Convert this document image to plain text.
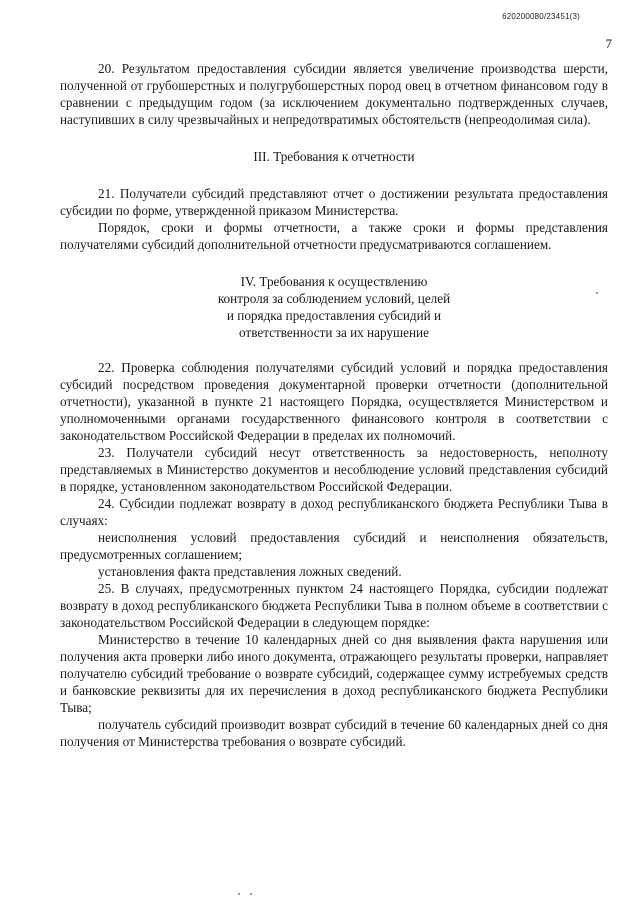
620200080/23451(3)
7

20. Результатом предоставления субсидии является увеличение производства шерсти, полученной от грубошерстных и полугрубошерстных пород овец в отчетном финансовом году в сравнении с предыдущим годом (за исключением документально подтвержденных случаев, наступивших в силу чрезвычайных и непредотвратимых обстоятельств (непреодолимая сила).

III. Требования к отчетности

21. Получатели субсидий представляют отчет о достижении результата предоставления субсидии по форме, утвержденной приказом Министерства.

Порядок, сроки и формы отчетности, а также сроки и формы представления получателями субсидий дополнительной отчетности предусматриваются соглашением.

IV. Требования к осуществлению
контроля за соблюдением условий, целей
и порядка предоставления субсидий и
ответственности за их нарушение

22. Проверка соблюдения получателями субсидий условий и порядка предоставления субсидий посредством проведения документарной проверки отчетности (дополнительной отчетности), указанной в пункте 21 настоящего Порядка, осуществляется Министерством и уполномоченными органами государственного финансового контроля в соответствии с законодательством Российской Федерации в пределах их полномочий.

23. Получатели субсидий несут ответственность за недостоверность, неполноту представляемых в Министерство документов и несоблюдение условий представления субсидий в порядке, установленном законодательством Российской Федерации.

24. Субсидии подлежат возврату в доход республиканского бюджета Республики Тыва в случаях:

неисполнения условий предоставления субсидий и неисполнения обязательств, предусмотренных соглашением;

установления факта представления ложных сведений.

25. В случаях, предусмотренных пунктом 24 настоящего Порядка, субсидии подлежат возврату в доход республиканского бюджета Республики Тыва в полном объеме в соответствии с законодательством Российской Федерации в следующем порядке:

Министерство в течение 10 календарных дней со дня выявления факта нарушения или получения акта проверки либо иного документа, отражающего результаты проверки, направляет получателю субсидий требование о возврате субсидий, содержащее сумму истребуемых средств и банковские реквизиты для их перечисления в доход республиканского бюджета Республики Тыва;

получатель субсидий производит возврат субсидий в течение 60 календарных дней со дня получения от Министерства требования о возврате субсидий.
